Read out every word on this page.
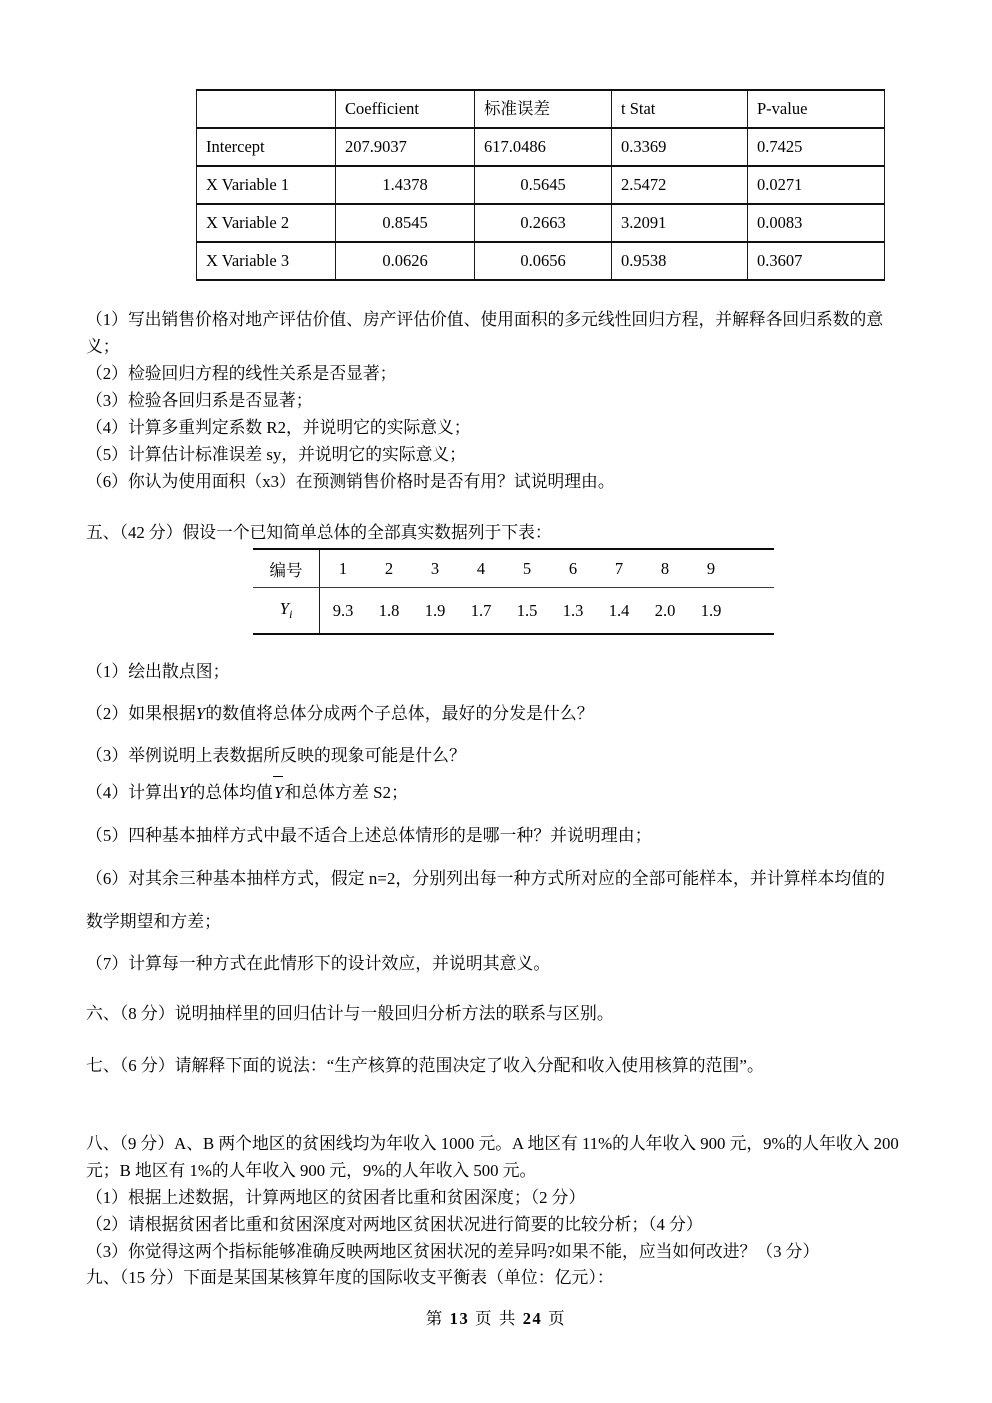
	Coefficient	标准误差	t Stat	P-value
Intercept	207.9037	617.0486	0.3369	0.7425
X Variable 1	1.4378	0.5645	2.5472	0.0271
X Variable 2	0.8545	0.2663	3.2091	0.0083
X Variable 3	0.0626	0.0656	0.9538	0.3607
（1）写出销售价格对地产评估价值、房产评估价值、使用面积的多元线性回归方程，并解释各回归系数的意
义；
（2）检验回归方程的线性关系是否显著；
（3）检验各回归系是否显著；
（4）计算多重判定系数 R2，并说明它的实际意义；
（5）计算估计标准误差 sy，并说明它的实际意义；
（6）你认为使用面积（x3）在预测销售价格时是否有用？试说明理由。
五、（42 分）假设一个已知简单总体的全部真实数据列于下表：
编号	1	2	3	4	5	6	7	8	9	
$Y_i$	9.3	1.8	1.9	1.7	1.5	1.3	1.4	2.0	1.9	
（1）绘出散点图；
（2）如果根据Y的数值将总体分成两个子总体，最好的分发是什么？
（3）举例说明上表数据所反映的现象可能是什么？
（4）计算出Y的总体均值Y和总体方差 S2；
（5）四种基本抽样方式中最不适合上述总体情形的是哪一种？并说明理由；
（6）对其余三种基本抽样方式，假定 n=2，分别列出每一种方式所对应的全部可能样本，并计算样本均值的
数学期望和方差；
（7）计算每一种方式在此情形下的设计效应，并说明其意义。
六、（8 分）说明抽样里的回归估计与一般回归分析方法的联系与区别。
七、（6 分）请解释下面的说法：“生产核算的范围决定了收入分配和收入使用核算的范围”。
八、（9 分）A、B 两个地区的贫困线均为年收入 1000 元。A 地区有 11%的人年收入 900 元，9%的人年收入 200
元；B 地区有 1%的人年收入 900 元，9%的人年收入 500 元。
（1）根据上述数据，计算两地区的贫困者比重和贫困深度；（2 分）
（2）请根据贫困者比重和贫困深度对两地区贫困状况进行简要的比较分析；（4 分）
（3）你觉得这两个指标能够准确反映两地区贫困状况的差异吗?如果不能，应当如何改进？（3 分）
九、（15 分）下面是某国某核算年度的国际收支平衡表（单位：亿元）：
第 13 页 共 24 页
